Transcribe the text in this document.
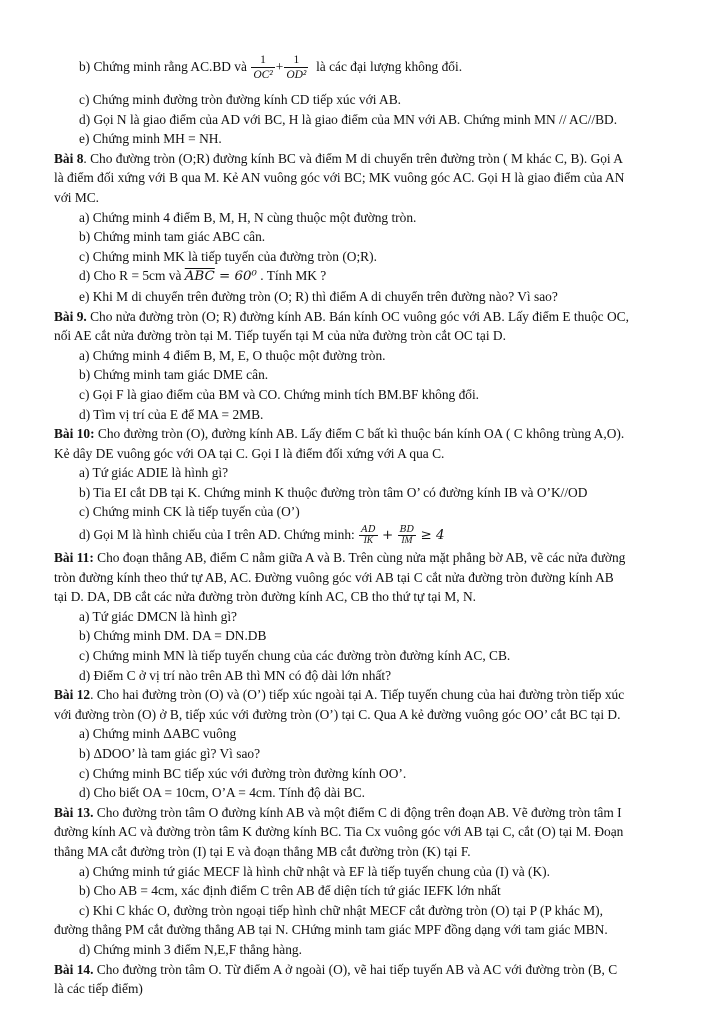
b) Chứng minh rằng AC.BD và $\frac{1}{\text{OC²}} + \frac{1}{\text{OD²}}$ là các đại lượng không đổi.
c) Chứng minh đường tròn đường kính CD tiếp xúc với AB.
d) Gọi N là giao điểm của AD với BC, H là giao điểm của MN với AB. Chứng minh MN // AC//BD.
e) Chứng minh MH = NH.
Bài 8. Cho đường tròn (O;R) đường kính BC và điểm M di chuyển trên đường tròn ( M khác C, B). Gọi A
là điểm đối xứng với B qua M. Kẻ AN vuông góc với BC; MK vuông góc AC. Gọi H là giao điểm của AN
với MC.
a) Chứng minh 4 điểm B, M, H, N cùng thuộc một đường tròn.
b) Chứng minh tam giác ABC cân.
c) Chứng minh MK là tiếp tuyến của đường tròn (O;R).
d) Cho R = 5cm và $\overline{ABC} = 60^0$ . Tính MK ?
e) Khi M di chuyển trên đường tròn (O; R) thì điểm A di chuyển trên đường nào? Vì sao?
Bài 9. Cho nửa đường tròn (O; R) đường kính AB. Bán kính OC vuông góc với AB. Lấy điểm E thuộc OC,
nối AE cắt nửa đường tròn tại M. Tiếp tuyến tại M của nửa đường tròn cắt OC tại D.
a) Chứng minh 4 điểm B, M, E, O thuộc một đường tròn.
b) Chứng minh tam giác DME cân.
c) Gọi F là giao điểm của BM và CO. Chứng minh tích BM.BF không đổi.
d) Tìm vị trí của E để MA = 2MB.
Bài 10: Cho đường tròn (O), đường kính AB. Lấy điểm C bất kì thuộc bán kính OA ( C không trùng A,O).
Kẻ dây DE vuông góc với OA tại C. Gọi I là điểm đối xứng với A qua C.
a) Tứ giác ADIE là hình gì?
b) Tia EI cắt DB tại K. Chứng minh K thuộc đường tròn tâm O’ có đường kính IB và O’K//OD
c) Chứng minh CK là tiếp tuyến của (O’)
d) Gọi M là hình chiếu của I trên AD. Chứng minh: $\frac{AD}{IK} + \frac{BD}{IM} \ge 4$
Bài 11: Cho đoạn thẳng AB, điểm C nằm giữa A và B. Trên cùng nửa mặt phẳng bờ AB, vẽ các nửa đường
tròn đường kính theo thứ tự AB, AC. Đường vuông góc với AB tại C cắt nửa đường tròn đường kính AB
tại D. DA, DB cắt các nửa đường tròn đường kính AC, CB tho thứ tự tại M, N.
a) Tứ giác DMCN là hình gì?
b) Chứng minh DM. DA = DN.DB
c) Chứng minh MN là tiếp tuyến chung của các đường tròn đường kính AC, CB.
d) Điểm C ở vị trí nào trên AB thì MN có độ dài lớn nhất?
Bài 12. Cho hai đường tròn (O) và (O’) tiếp xúc ngoài tại A. Tiếp tuyến chung của hai đường tròn tiếp xúc
với đường tròn (O) ở B, tiếp xúc với đường tròn (O’) tại C. Qua A kẻ đường vuông góc OO’ cắt BC tại D.
a) Chứng minh ΔABC vuông
b) ΔDOO’ là tam giác gì? Vì sao?
c) Chứng minh BC tiếp xúc với đường tròn đường kính OO’.
d) Cho biết OA = 10cm, O’A = 4cm. Tính độ dài BC.
Bài 13. Cho đường tròn tâm O đường kính AB và một điểm C di động trên đoạn AB. Vẽ đường tròn tâm I
đường kính AC và đường tròn tâm K đường kính BC. Tia Cx vuông góc với AB tại C, cắt (O) tại M. Đoạn
thẳng MA cắt đường tròn (I) tại E và đoạn thẳng MB cắt đường tròn (K) tại F.
a) Chứng minh tứ giác MECF là hình chữ nhật và EF là tiếp tuyến chung của (I) và (K).
b) Cho AB = 4cm, xác định điểm C trên AB để diện tích tứ giác IEFK lớn nhất
c) Khi C khác O, đường tròn ngoại tiếp hình chữ nhật MECF cắt đường tròn (O) tại P (P khác M),
đường thẳng PM cắt đường thẳng AB tại N. CHứng minh tam giác MPF đồng dạng với tam giác MBN.
d) Chứng minh 3 điểm N,E,F thẳng hàng.
Bài 14. Cho đường tròn tâm O. Từ điểm A ở ngoài (O), vẽ hai tiếp tuyến AB và AC với đường tròn (B, C
là các tiếp điểm)
